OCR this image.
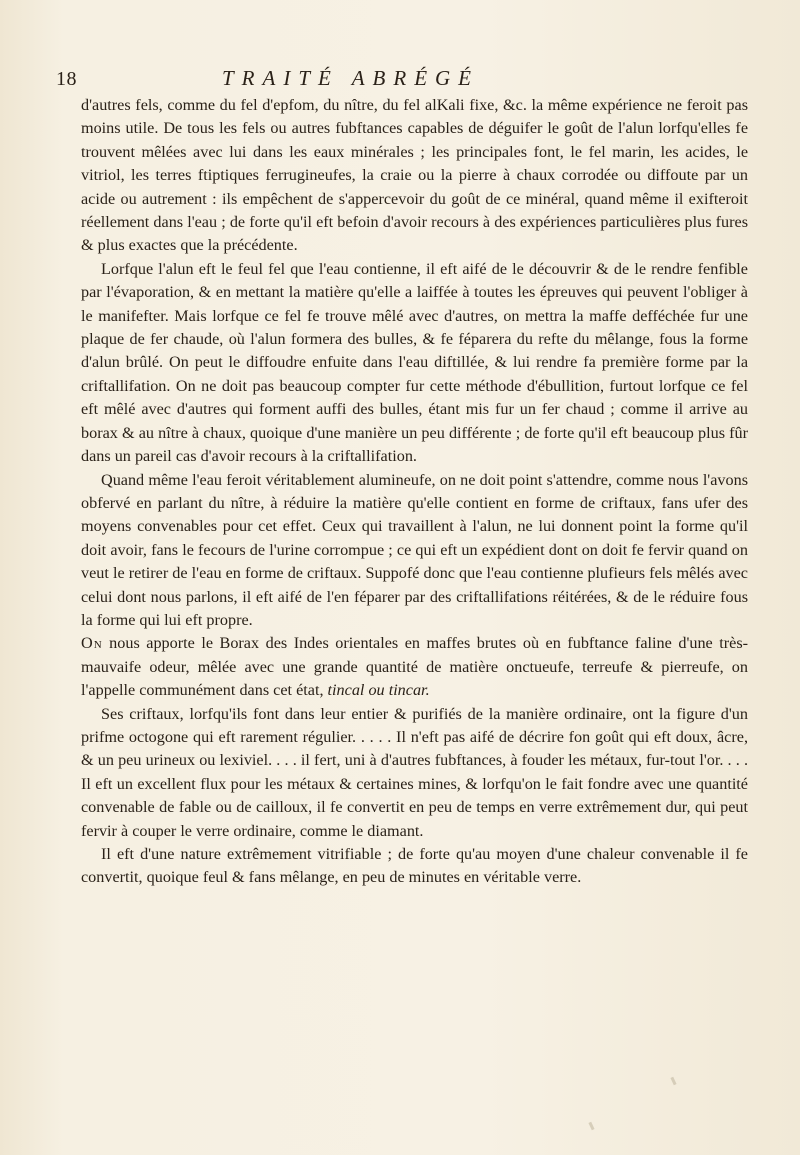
18	TRAITÉ ABRÉGÉ

d'autres fels, comme du fel d'epfom, du nître, du fel alKali fixe, &c. la même expérience ne feroit pas moins utile. De tous les fels ou autres fubftances capables de déguifer le goût de l'alun lorfqu'elles fe trouvent mêlées avec lui dans les eaux minérales ; les principales font, le fel marin, les acides, le vitriol, les terres ftiptiques ferrugineufes, la craie ou la pierre à chaux corrodée ou diffoute par un acide ou autrement : ils empêchent de s'appercevoir du goût de ce minéral, quand même il exifteroit réellement dans l'eau ; de forte qu'il eft befoin d'avoir recours à des expériences particulières plus fures & plus exactes que la précédente.

Lorfque l'alun eft le feul fel que l'eau contienne, il eft aifé de le découvrir & de le rendre fenfible par l'évaporation, & en mettant la matière qu'elle a laiffée à toutes les épreuves qui peuvent l'obliger à le manifefter. Mais lorfque ce fel fe trouve mêlé avec d'autres, on mettra la maffe defféchée fur une plaque de fer chaude, où l'alun formera des bulles, & fe féparera du refte du mêlange, fous la forme d'alun brûlé. On peut le diffoudre enfuite dans l'eau diftillée, & lui rendre fa première forme par la criftallifation. On ne doit pas beaucoup compter fur cette méthode d'ébullition, furtout lorfque ce fel eft mêlé avec d'autres qui forment auffi des bulles, étant mis fur un fer chaud ; comme il arrive au borax & au nître à chaux, quoique d'une manière un peu différente ; de forte qu'il eft beaucoup plus fûr dans un pareil cas d'avoir recours à la criftallifation.

Quand même l'eau feroit véritablement alumineufe, on ne doit point s'attendre, comme nous l'avons obfervé en parlant du nître, à réduire la matière qu'elle contient en forme de criftaux, fans ufer des moyens convenables pour cet effet. Ceux qui travaillent à l'alun, ne lui donnent point la forme qu'il doit avoir, fans le fecours de l'urine corrompue ; ce qui eft un expédient dont on doit fe fervir quand on veut le retirer de l'eau en forme de criftaux. Suppofé donc que l'eau contienne plufieurs fels mêlés avec celui dont nous parlons, il eft aifé de l'en féparer par des criftallifations réitérées, & de le réduire fous la forme qui lui eft propre.

On nous apporte le Borax des Indes orientales en maffes brutes où en fubftance faline d'une très-mauvaife odeur, mêlée avec une grande quantité de matière onctueufe, terreufe & pierreufe, on l'appelle communément dans cet état, tincal ou tincar.

Ses criftaux, lorfqu'ils font dans leur entier & purifiés de la manière ordinaire, ont la figure d'un prifme octogone qui eft rarement régulier. . . . . Il n'eft pas aifé de décrire fon goût qui eft doux, âcre, & un peu urineux ou lexiviel. . . . il fert, uni à d'autres fubftances, à fouder les métaux, fur-tout l'or. . . . Il eft un excellent flux pour les métaux & certaines mines, & lorfqu'on le fait fondre avec une quantité convenable de fable ou de cailloux, il fe convertit en peu de temps en verre extrêmement dur, qui peut fervir à couper le verre ordinaire, comme le diamant.

Il eft d'une nature extrêmement vitrifiable ; de forte qu'au moyen d'une chaleur convenable il fe convertit, quoique feul & fans mêlange, en peu de minutes en véritable verre.
